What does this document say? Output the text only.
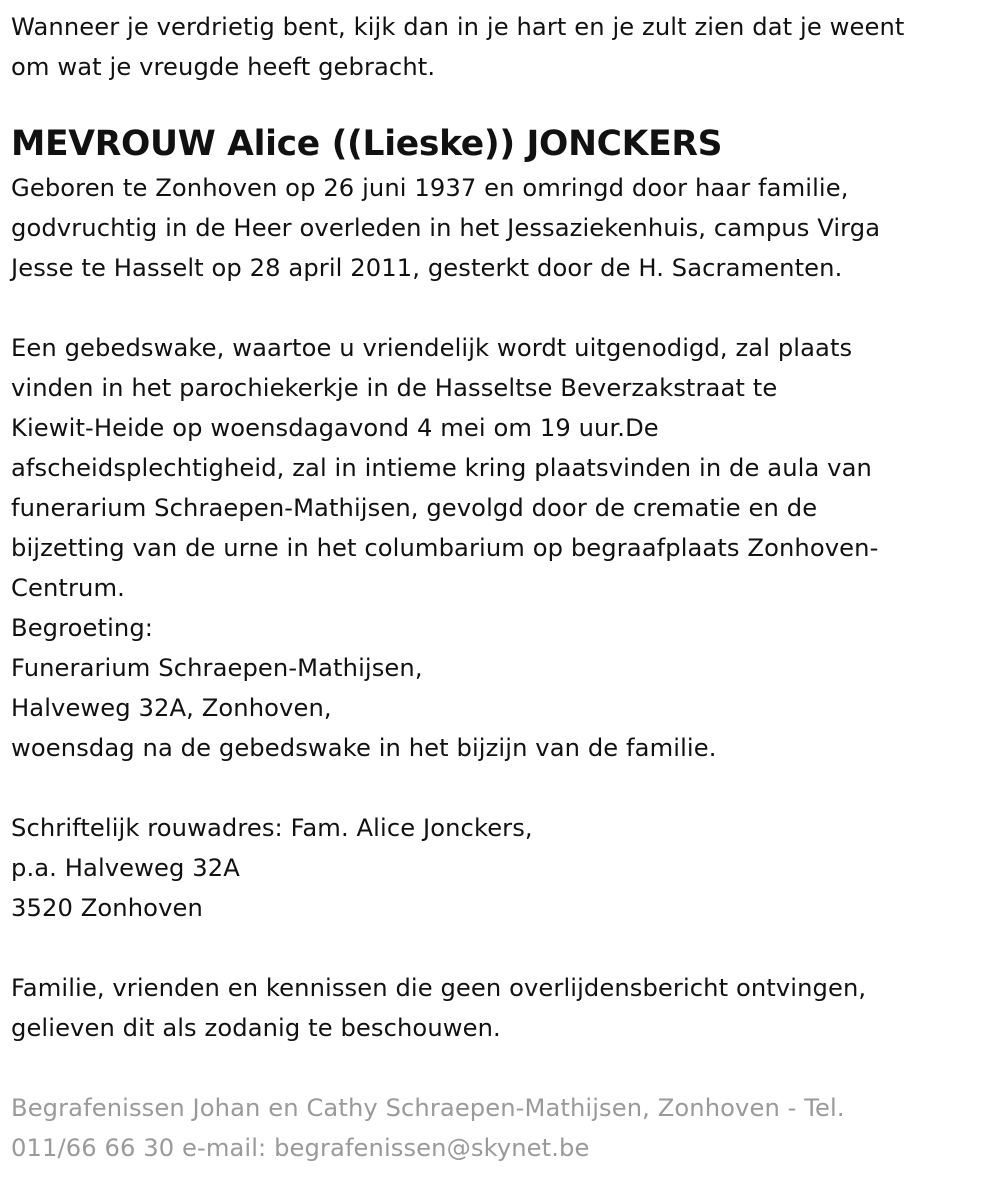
Wanneer je verdrietig bent, kijk dan in je hart en je zult zien dat je weent
om wat je vreugde heeft gebracht.
MEVROUW Alice ((Lieske)) JONCKERS
Geboren te Zonhoven op 26 juni 1937 en omringd door haar familie,
godvruchtig in de Heer overleden in het Jessaziekenhuis, campus Virga
Jesse te Hasselt op 28 april 2011, gesterkt door de H. Sacramenten.
Een gebedswake, waartoe u vriendelijk wordt uitgenodigd, zal plaats
vinden in het parochiekerkje in de Hasseltse Beverzakstraat te
Kiewit-Heide op woensdagavond 4 mei om 19 uur.De
afscheidsplechtigheid, zal in intieme kring plaatsvinden in de aula van
funerarium Schraepen-Mathijsen, gevolgd door de crematie en de
bijzetting van de urne in het columbarium op begraafplaats Zonhoven-
Centrum.
Begroeting:
Funerarium Schraepen-Mathijsen,
Halveweg 32A, Zonhoven,
woensdag na de gebedswake in het bijzijn van de familie.
Schriftelijk rouwadres: Fam. Alice Jonckers,
p.a. Halveweg 32A
3520 Zonhoven
Familie, vrienden en kennissen die geen overlijdensbericht ontvingen,
gelieven dit als zodanig te beschouwen.
Begrafenissen Johan en Cathy Schraepen-Mathijsen, Zonhoven - Tel.
011/66 66 30 e-mail: begrafenissen@skynet.be
